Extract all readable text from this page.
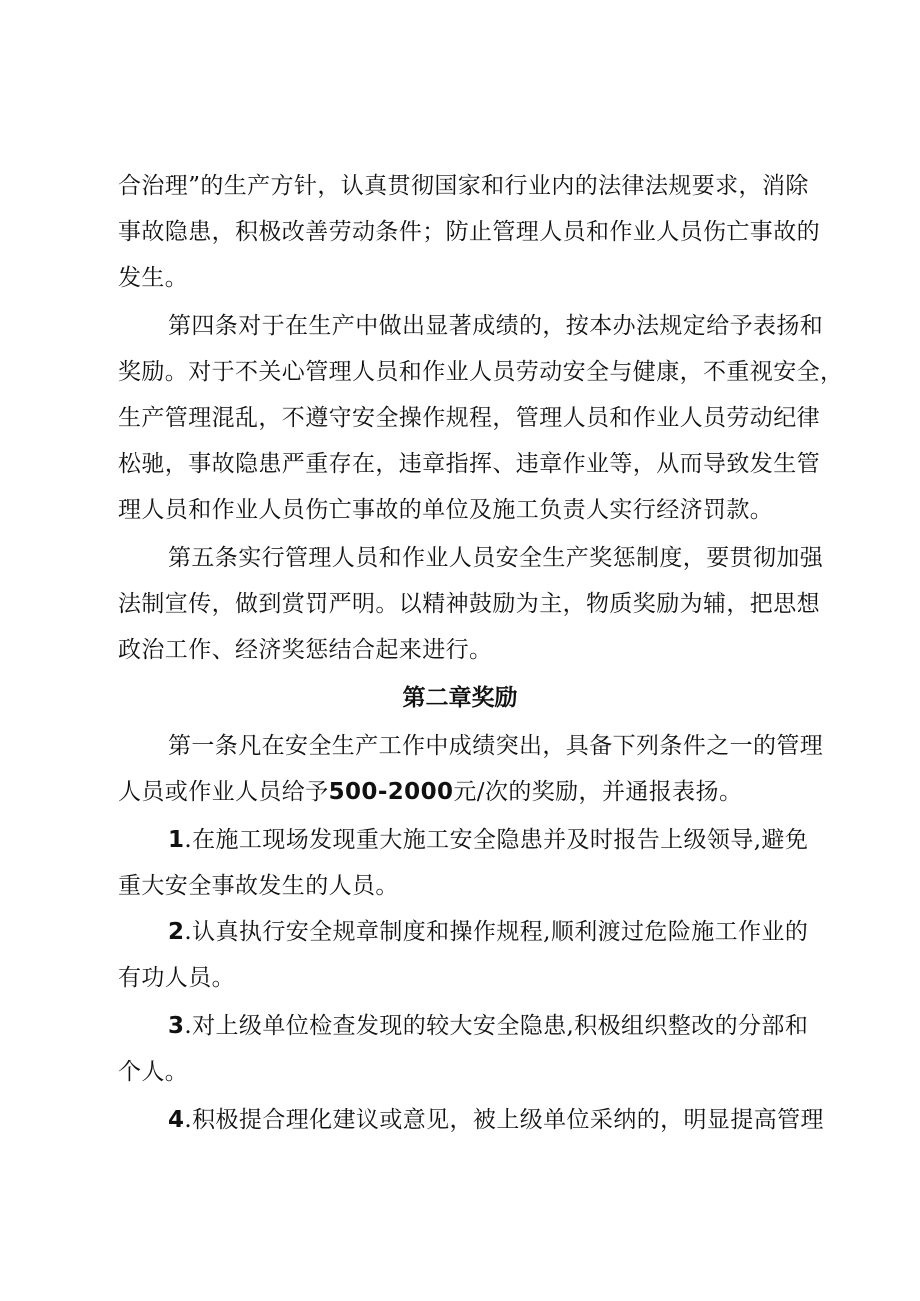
合治理”的生产方针，认真贯彻国家和行业内的法律法规要求，消除
事故隐患，积极改善劳动条件；防止管理人员和作业人员伤亡事故的
发生。
第四条对于在生产中做出显著成绩的，按本办法规定给予表扬和
奖励。对于不关心管理人员和作业人员劳动安全与健康，不重视安全，
生产管理混乱，不遵守安全操作规程，管理人员和作业人员劳动纪律
松驰，事故隐患严重存在，违章指挥、违章作业等，从而导致发生管
理人员和作业人员伤亡事故的单位及施工负责人实行经济罚款。
第五条实行管理人员和作业人员安全生产奖惩制度，要贯彻加强
法制宣传，做到赏罚严明。以精神鼓励为主，物质奖励为辅，把思想
政治工作、经济奖惩结合起来进行。
第二章奖励
第一条凡在安全生产工作中成绩突出，具备下列条件之一的管理
人员或作业人员给予500-2000元/次的奖励，并通报表扬。
1.在施工现场发现重大施工安全隐患并及时报告上级领导,避免
重大安全事故发生的人员。
2.认真执行安全规章制度和操作规程,顺利渡过危险施工作业的
有功人员。
3.对上级单位检查发现的较大安全隐患,积极组织整改的分部和
个人。
4.积极提合理化建议或意见，被上级单位采纳的，明显提高管理
